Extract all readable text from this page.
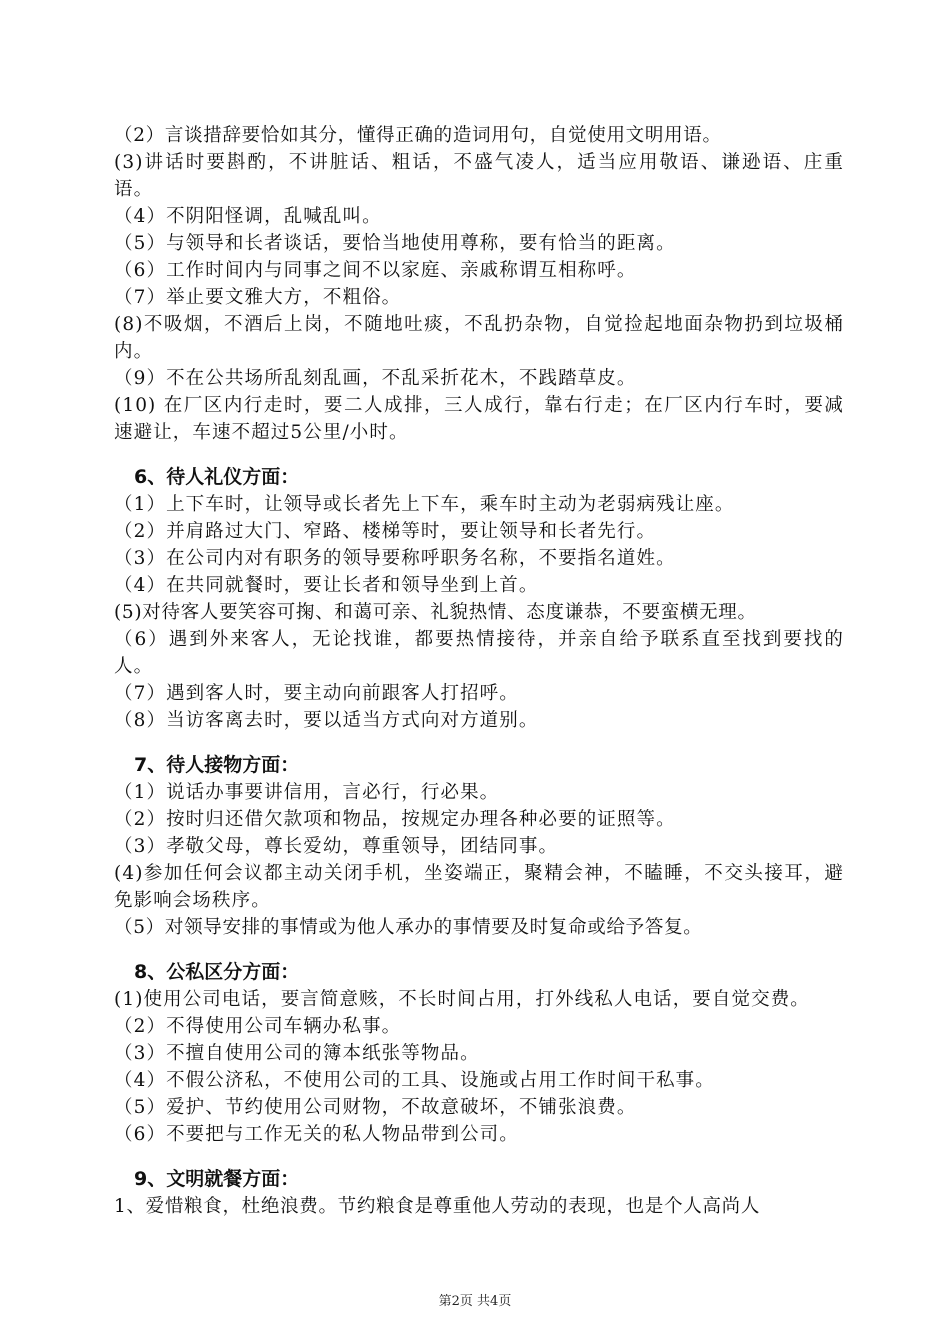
（2）言谈措辞要恰如其分，懂得正确的造词用句，自觉使用文明用语。
(3)讲话时要斟酌，不讲脏话、粗话，不盛气凌人，适当应用敬语、谦逊语、庄重语。
（4）不阴阳怪调，乱喊乱叫。
（5）与领导和长者谈话，要恰当地使用尊称，要有恰当的距离。
（6）工作时间内与同事之间不以家庭、亲戚称谓互相称呼。
（7）举止要文雅大方，不粗俗。
(8)不吸烟，不酒后上岗，不随地吐痰，不乱扔杂物，自觉捡起地面杂物扔到垃圾桶内。
（9）不在公共场所乱刻乱画，不乱采折花木，不践踏草皮。
(10) 在厂区内行走时，要二人成排，三人成行，靠右行走；在厂区内行车时，要减速避让，车速不超过5公里/小时。
6、待人礼仪方面：
（1）上下车时，让领导或长者先上下车，乘车时主动为老弱病残让座。
（2）并肩路过大门、窄路、楼梯等时，要让领导和长者先行。
（3）在公司内对有职务的领导要称呼职务名称，不要指名道姓。
（4）在共同就餐时，要让长者和领导坐到上首。
(5)对待客人要笑容可掬、和蔼可亲、礼貌热情、态度谦恭，不要蛮横无理。
（6）遇到外来客人，无论找谁，都要热情接待，并亲自给予联系直至找到要找的人。
（7）遇到客人时，要主动向前跟客人打招呼。
（8）当访客离去时，要以适当方式向对方道别。
7、待人接物方面：
（1）说话办事要讲信用，言必行，行必果。
（2）按时归还借欠款项和物品，按规定办理各种必要的证照等。
（3）孝敬父母，尊长爱幼，尊重领导，团结同事。
(4)参加任何会议都主动关闭手机，坐姿端正，聚精会神，不瞌睡，不交头接耳，避免影响会场秩序。
（5）对领导安排的事情或为他人承办的事情要及时复命或给予答复。
8、公私区分方面：
(1)使用公司电话，要言简意赅，不长时间占用，打外线私人电话，要自觉交费。
（2）不得使用公司车辆办私事。
（3）不擅自使用公司的簿本纸张等物品。
（4）不假公济私，不使用公司的工具、设施或占用工作时间干私事。
（5）爱护、节约使用公司财物，不故意破坏，不铺张浪费。
（6）不要把与工作无关的私人物品带到公司。
9、文明就餐方面：
1、爱惜粮食，杜绝浪费。节约粮食是尊重他人劳动的表现，也是个人高尚人
第2页 共4页
